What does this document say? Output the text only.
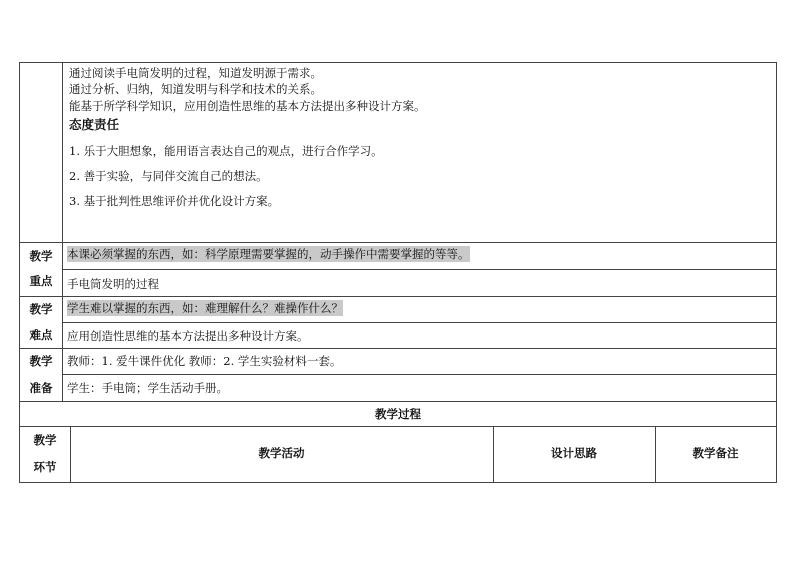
通过阅读手电筒发明的过程，知道发明源于需求。
通过分析、归纳，知道发明与科学和技术的关系。
能基于所学科学知识，应用创造性思维的基本方法提出多种设计方案。
态度责任
1. 乐于大胆想象，能用语言表达自己的观点，进行合作学习。
2. 善于实验，与同伴交流自己的想法。
3. 基于批判性思维评价并优化设计方案。
教学
重点
本课必须掌握的东西，如：科学原理需要掌握的，动手操作中需要掌握的等等。
手电筒发明的过程
教学
难点
学生难以掌握的东西，如：难理解什么？难操作什么？
应用创造性思维的基本方法提出多种设计方案。
教学
准备
教师：1. 爱牛课件优化 教师：2. 学生实验材料一套。
学生：手电筒；学生活动手册。
教学过程
教学
环节
教学活动	设计思路	教学备注
